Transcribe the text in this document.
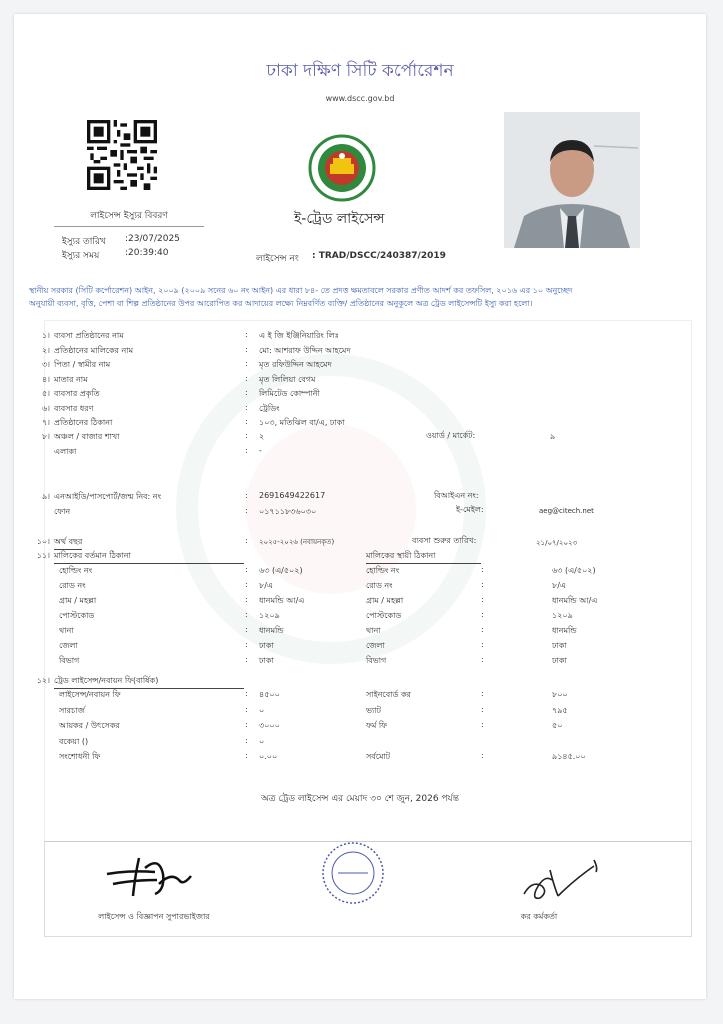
ঢাকা দক্ষিণ সিটি কর্পোরেশন
www.dscc.gov.bd
লাইসেন্স ইস্যুর বিবরণ
ইস্যুর তারিখ :23/07/2025
ইস্যুর সময়	:20:39:40
ই-ট্রেড লাইসেন্স
লাইসেন্স নং : TRAD/DSCC/240387/2019
স্থানীয় সরকার (সিটি কর্পোরেশন) আইন, ২০০৯ (২০০৯ সনের ৬০ নং আইন) এর ধারা ৮৪- তে প্রদত্ত ক্ষমতাবলে সরকার প্রণীত আদর্শ কর তফসিল, ২০১৬ এর ১০ অনুচ্ছেদ
অনুযায়ী ব্যবসা, বৃত্তি, পেশা বা শিল্প প্রতিষ্ঠানের উপর আরোপিত কর আদায়ের লক্ষ্যে নিম্নবর্ণিত ব্যক্তি/ প্রতিষ্ঠানের অনুকূলে অত্র ট্রেড লাইসেন্সটি ইস্যু করা হলো।
১। ব্যবসা প্রতিষ্ঠানের নাম	: এ ই জি ইঞ্জিনিয়ারিং লিঃ
২। প্রতিষ্ঠানের মালিকের নাম	: মো: আশরাফ উদ্দিন আহমেদ
৩। পিতা / স্বামীর নাম	: মৃত রফিউদ্দিন আহমেদ
৪। মাতার নাম	: মৃত লিলিয়া বেগম
৫। ব্যবসার প্রকৃতি	: লিমিটেড কোম্পানী
৬। ব্যবসার ধরণ	: ট্রেডিং
৭। প্রতিষ্ঠানের ঠিকানা	: ১০৩, মতিঝিল বা/এ, ঢাকা
৮। অঞ্চল / বাজার শাখা	: ২	ওয়ার্ড / মার্কেট:	৯
এলাকা	: -
৯। এনআইডি/পাসপোর্ট/জন্ম নিব: নং	: 2691649422617	বিআইএন নং:
ফোন	: ০১৭১১৮৩৬০৩০	ই-মেইল:	aeg@citech.net
১০। অর্থ বছর	: ২০২৫-২০২৬ (নবায়নকৃত)	ব্যবসা শুরুর তারিখ:	২১/০৭/২০২৩
১১। মালিকের বর্তমান ঠিকানা	মালিকের স্থায়ী ঠিকানা
হোল্ডিং নং	: ৬৩ (এ/৫০২)	হোল্ডিং নং	:	৬৩ (এ/৫০২)
রোড নং	: ৮/এ	রোড নং	:	৮/এ
গ্রাম / মহল্লা	: ধানমন্ডি আ/এ	গ্রাম / মহল্লা	:	ধানমন্ডি আ/এ
পোস্টকোড	: ১২০৯	পোস্টকোড	:	১২০৯
থানা	: ধানমন্ডি	থানা	:	ধানমন্ডি
জেলা	: ঢাকা	জেলা	:	ঢাকা
বিভাগ	: ঢাকা	বিভাগ	:	ঢাকা
১২। ট্রেড লাইসেন্স/নবায়ন ফি(বার্ষিক)
লাইসেন্স/নবায়ন ফি	: ৪৫০০	সাইনবোর্ড কর	:	৮০০
সারচার্জ	: ০	ভ্যাট	:	৭৯৫
আয়কর / উৎসেকর	: ৩০০০	ফর্ম ফি	:	৫০
বকেয়া ()	: ০
সংশোধনী ফি	: ০.০০	সর্বমোট	:	৯১৪৫.০০
অত্র ট্রেড লাইসেন্স এর মেয়াদ ৩০ শে জুন, 2026 পর্যন্ত
লাইসেন্স ও বিজ্ঞাপন সুপারভাইজার	কর কর্মকর্তা
